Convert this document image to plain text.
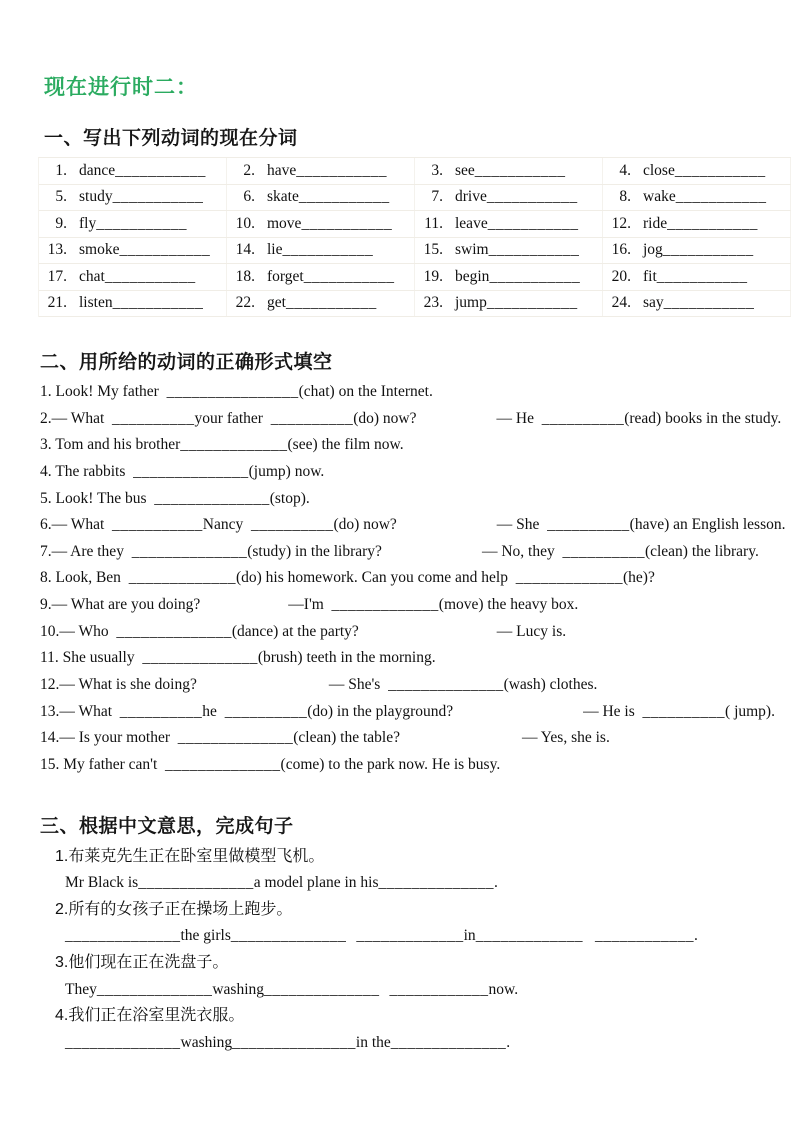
现在进行时二：
一、写出下列动词的现在分词
1. dance ___________	2. have ___________	3. see ___________	4. close ___________
5. study ___________	6. skate ___________	7. drive ___________	8. wake ___________
9. fly ___________	10. move ___________	11. leave ___________	12. ride ___________
13. smoke ___________	14. lie ___________	15. swim ___________	16. jog ___________
17. chat ___________	18. forget ___________	19. begin ___________	20. fit ___________
21. listen ___________	22. get ___________	23. jump ___________	24. say ___________
二、用所给的动词的正确形式填空
1. Look! My father  ________________(chat) on the Internet.
2.— What  __________your father  __________(do) now?	— He  __________(read) books in the study.
3. Tom and his brother_____________(see) the film now.
4. The rabbits  ______________(jump) now.
5. Look! The bus  ______________(stop).
6.— What  ___________Nancy  __________(do) now?	— She  __________(have) an English lesson.
7.— Are they  ______________(study) in the library?	— No, they  __________(clean) the library.
8. Look, Ben  _____________(do) his homework. Can you come and help  _____________(he)?
9.— What are you doing?	—I'm  _____________(move) the heavy box.
10.— Who  ______________(dance) at the party?	— Lucy is.
11. She usually  ______________(brush) teeth in the morning.
12.— What is she doing?	— She's  ______________(wash) clothes.
13.— What  __________he  __________(do) in the playground?	— He is  __________( jump).
14.— Is your mother  ______________(clean) the table?	— Yes, she is.
15. My father can't  ______________(come) to the park now. He is busy.
三、根据中文意思，完成句子
1.布莱克先生正在卧室里做模型飞机。
Mr Black is______________a model plane in his______________.
2.所有的女孩子正在操场上跑步。
______________the girls______________ _____________in_____________ ____________.
3.他们现在正在洗盘子。
They______________washing______________ ____________now.
4.我们正在浴室里洗衣服。
______________washing_______________in the______________.
